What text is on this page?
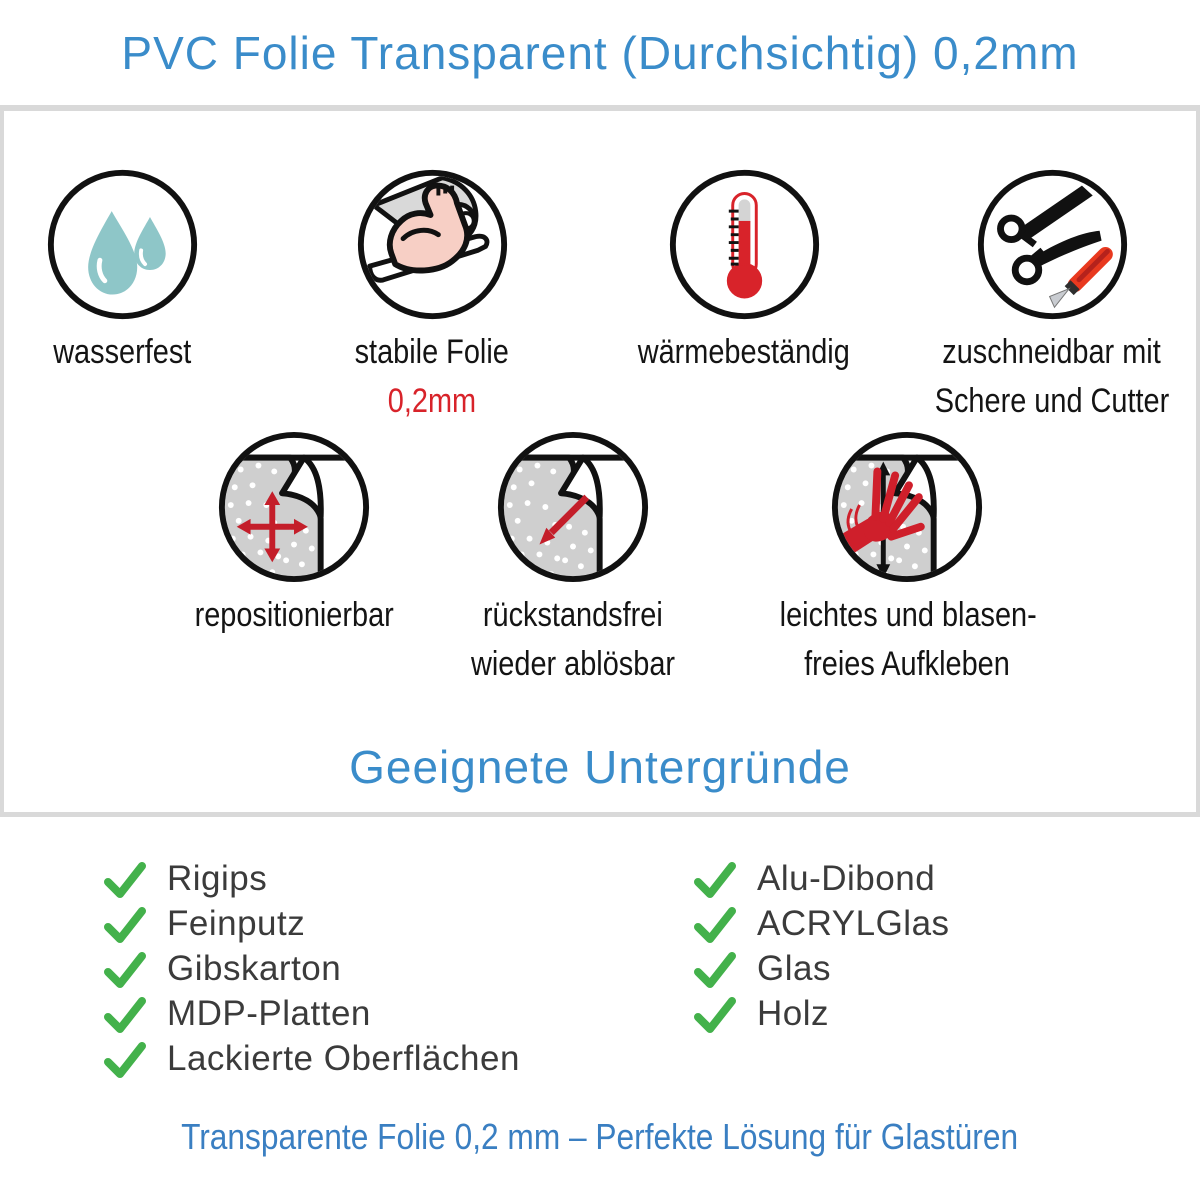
PVC Folie Transparent (Durchsichtig) 0,2mm
wasserfest	stabile Folie
0,2mm
wärmebeständig	zuschneidbar mit
Schere und Cutter
repositionierbar	rückstandsfrei
wieder ablösbar
leichtes und blasen-
freies Aufkleben
Geeignete Untergründe
Rigips
Feinputz
Gibskarton
MDP-Platten
Lackierte Oberflächen
Alu-Dibond
ACRYLGlas
Glas
Holz
Transparente Folie 0,2 mm – Perfekte Lösung für Glastüren
